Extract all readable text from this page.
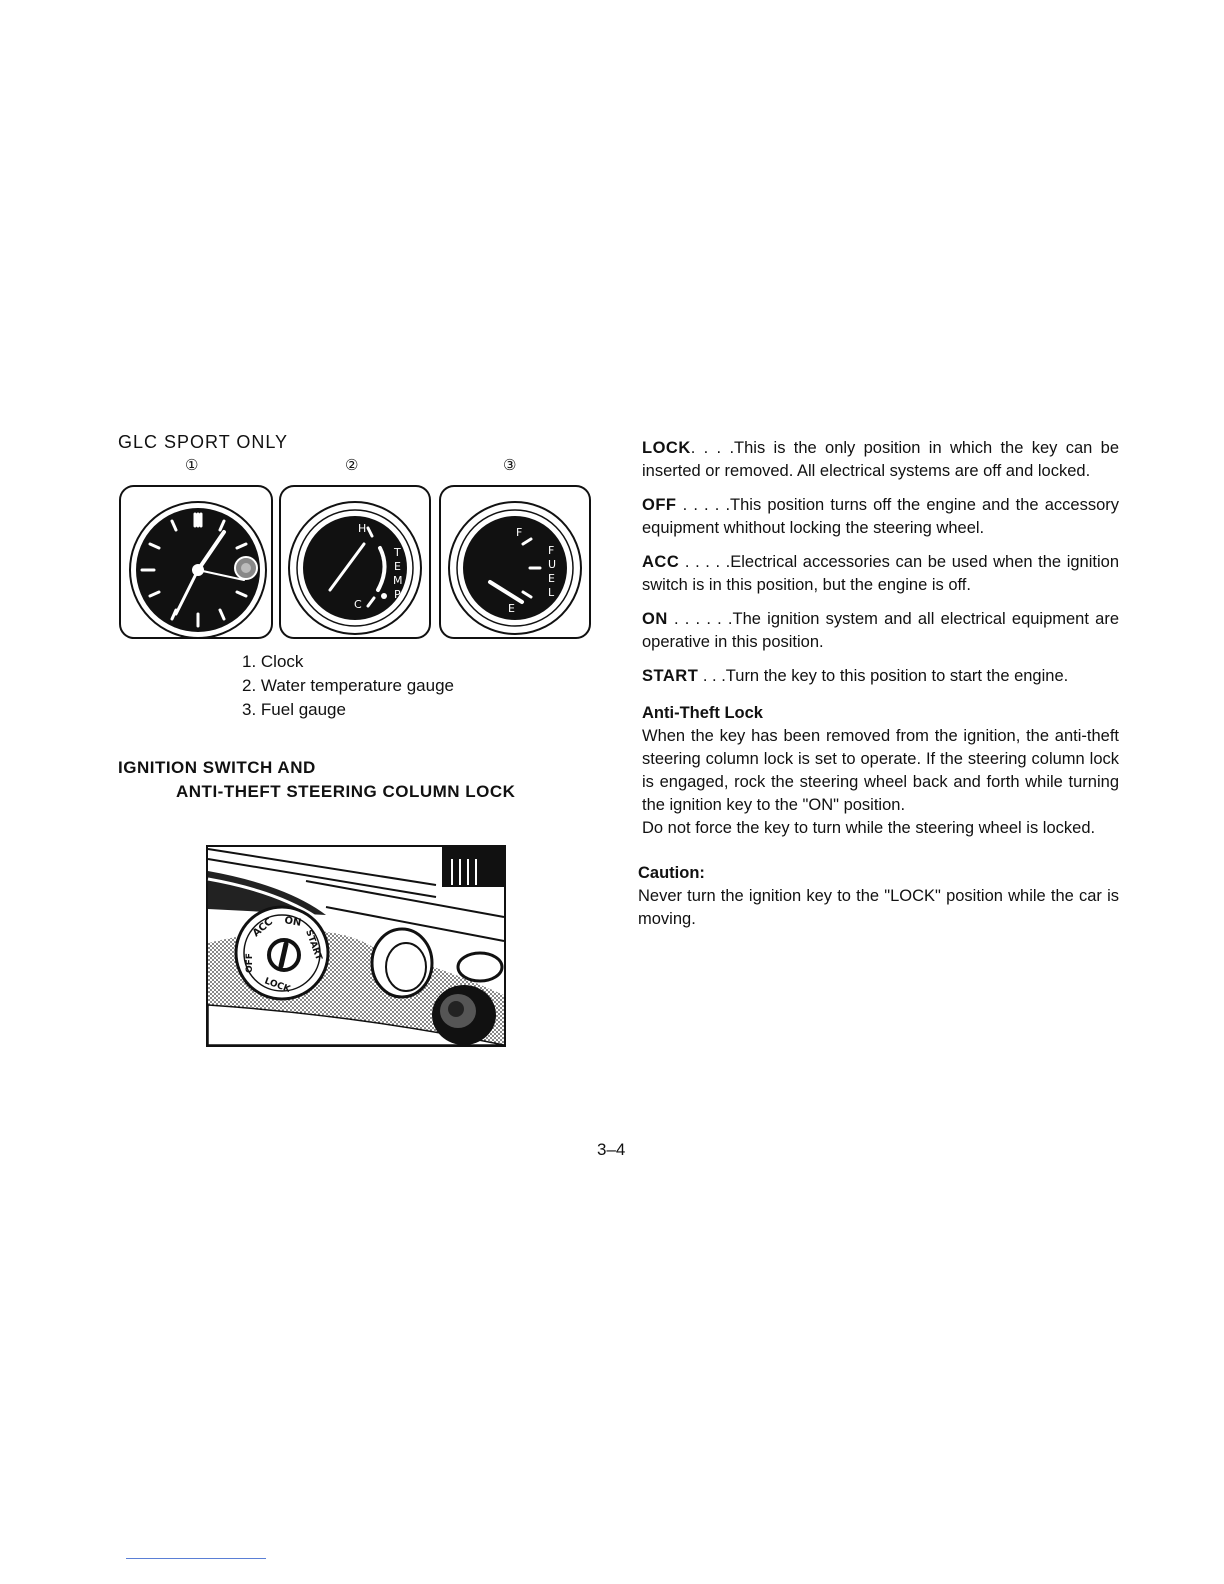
GLC SPORT ONLY
①	②	③
H
C
T
E
M
P
F
E
F
U
E
L
1. Clock
2. Water temperature gauge
3. Fuel gauge
IGNITION SWITCH AND
ANTI-THEFT STEERING COLUMN LOCK
ACC ON
START
OFF
LOCK
LOCK. . . .This is the only position in which the key can be inserted or removed. All electrical systems are off and locked.
OFF . . . . .This position turns off the engine and the accessory equipment whithout locking the steering wheel.
ACC . . . . .Electrical accessories can be used when the ignition switch is in this position, but the engine is off.
ON . . . . . .The ignition system and all electrical equipment are operative in this position.
START . . .Turn the key to this position to start the engine.
Anti-Theft Lock
When the key has been removed from the ignition, the anti-theft steering column lock is set to operate. If the steering column lock is engaged, rock the steering wheel back and forth while turning the ignition key to the "ON" position.
Do not force the key to turn while the steering wheel is locked.
Caution:
Never turn the ignition key to the "LOCK" position while the car is moving.
3–4
